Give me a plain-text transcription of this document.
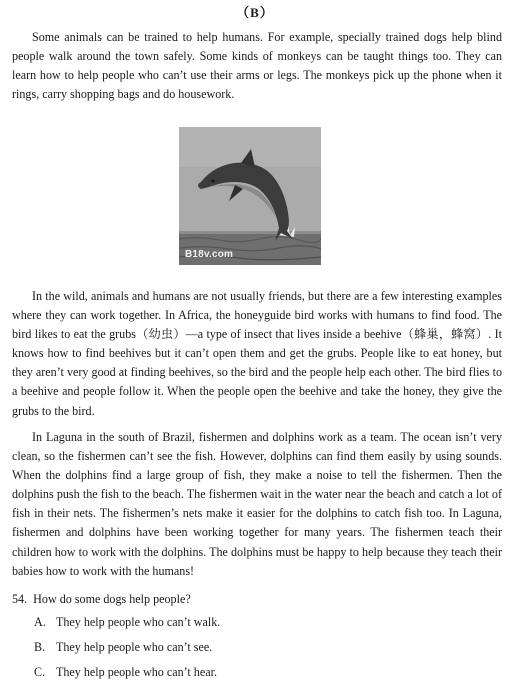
（B）

Some animals can be trained to help humans. For example, specially trained dogs help blind people walk around the town safely. Some kinds of monkeys can be taught things too. They can learn how to help people who can’t use their arms or legs. The monkeys pick up the phone when it rings, carry shopping bags and do housework.

B18v.com

In the wild, animals and humans are not usually friends, but there are a few interesting examples where they can work together. In Africa, the honeyguide bird works with humans to find food. The bird likes to eat the grubs（幼虫）—a type of insect that lives inside a beehive（蜂巢，蜂窝）. It knows how to find beehives but it can’t open them and get the grubs. People like to eat honey, but they aren’t very good at finding beehives, so the bird and the people help each other. The bird flies to a beehive and people follow it. When the people open the beehive and take the honey, they give the grubs to the bird.

In Laguna in the south of Brazil, fishermen and dolphins work as a team. The ocean isn’t very clean, so the fishermen can’t see the fish. However, dolphins can find them easily by using sounds. When the dolphins find a large group of fish, they make a noise to tell the fishermen. Then the dolphins push the fish to the beach. The fishermen wait in the water near the beach and catch a lot of fish in their nets. The fishermen’s nets make it easier for the dolphins to catch fish too. In Laguna, fishermen and dolphins have been working together for many years. The fishermen teach their children how to work with the dolphins. The dolphins must be happy to help because they teach their babies how to work with the humans!

54. How do some dogs help people?
A. They help people who can’t walk.
B. They help people who can’t see.
C. They help people who can’t hear.
